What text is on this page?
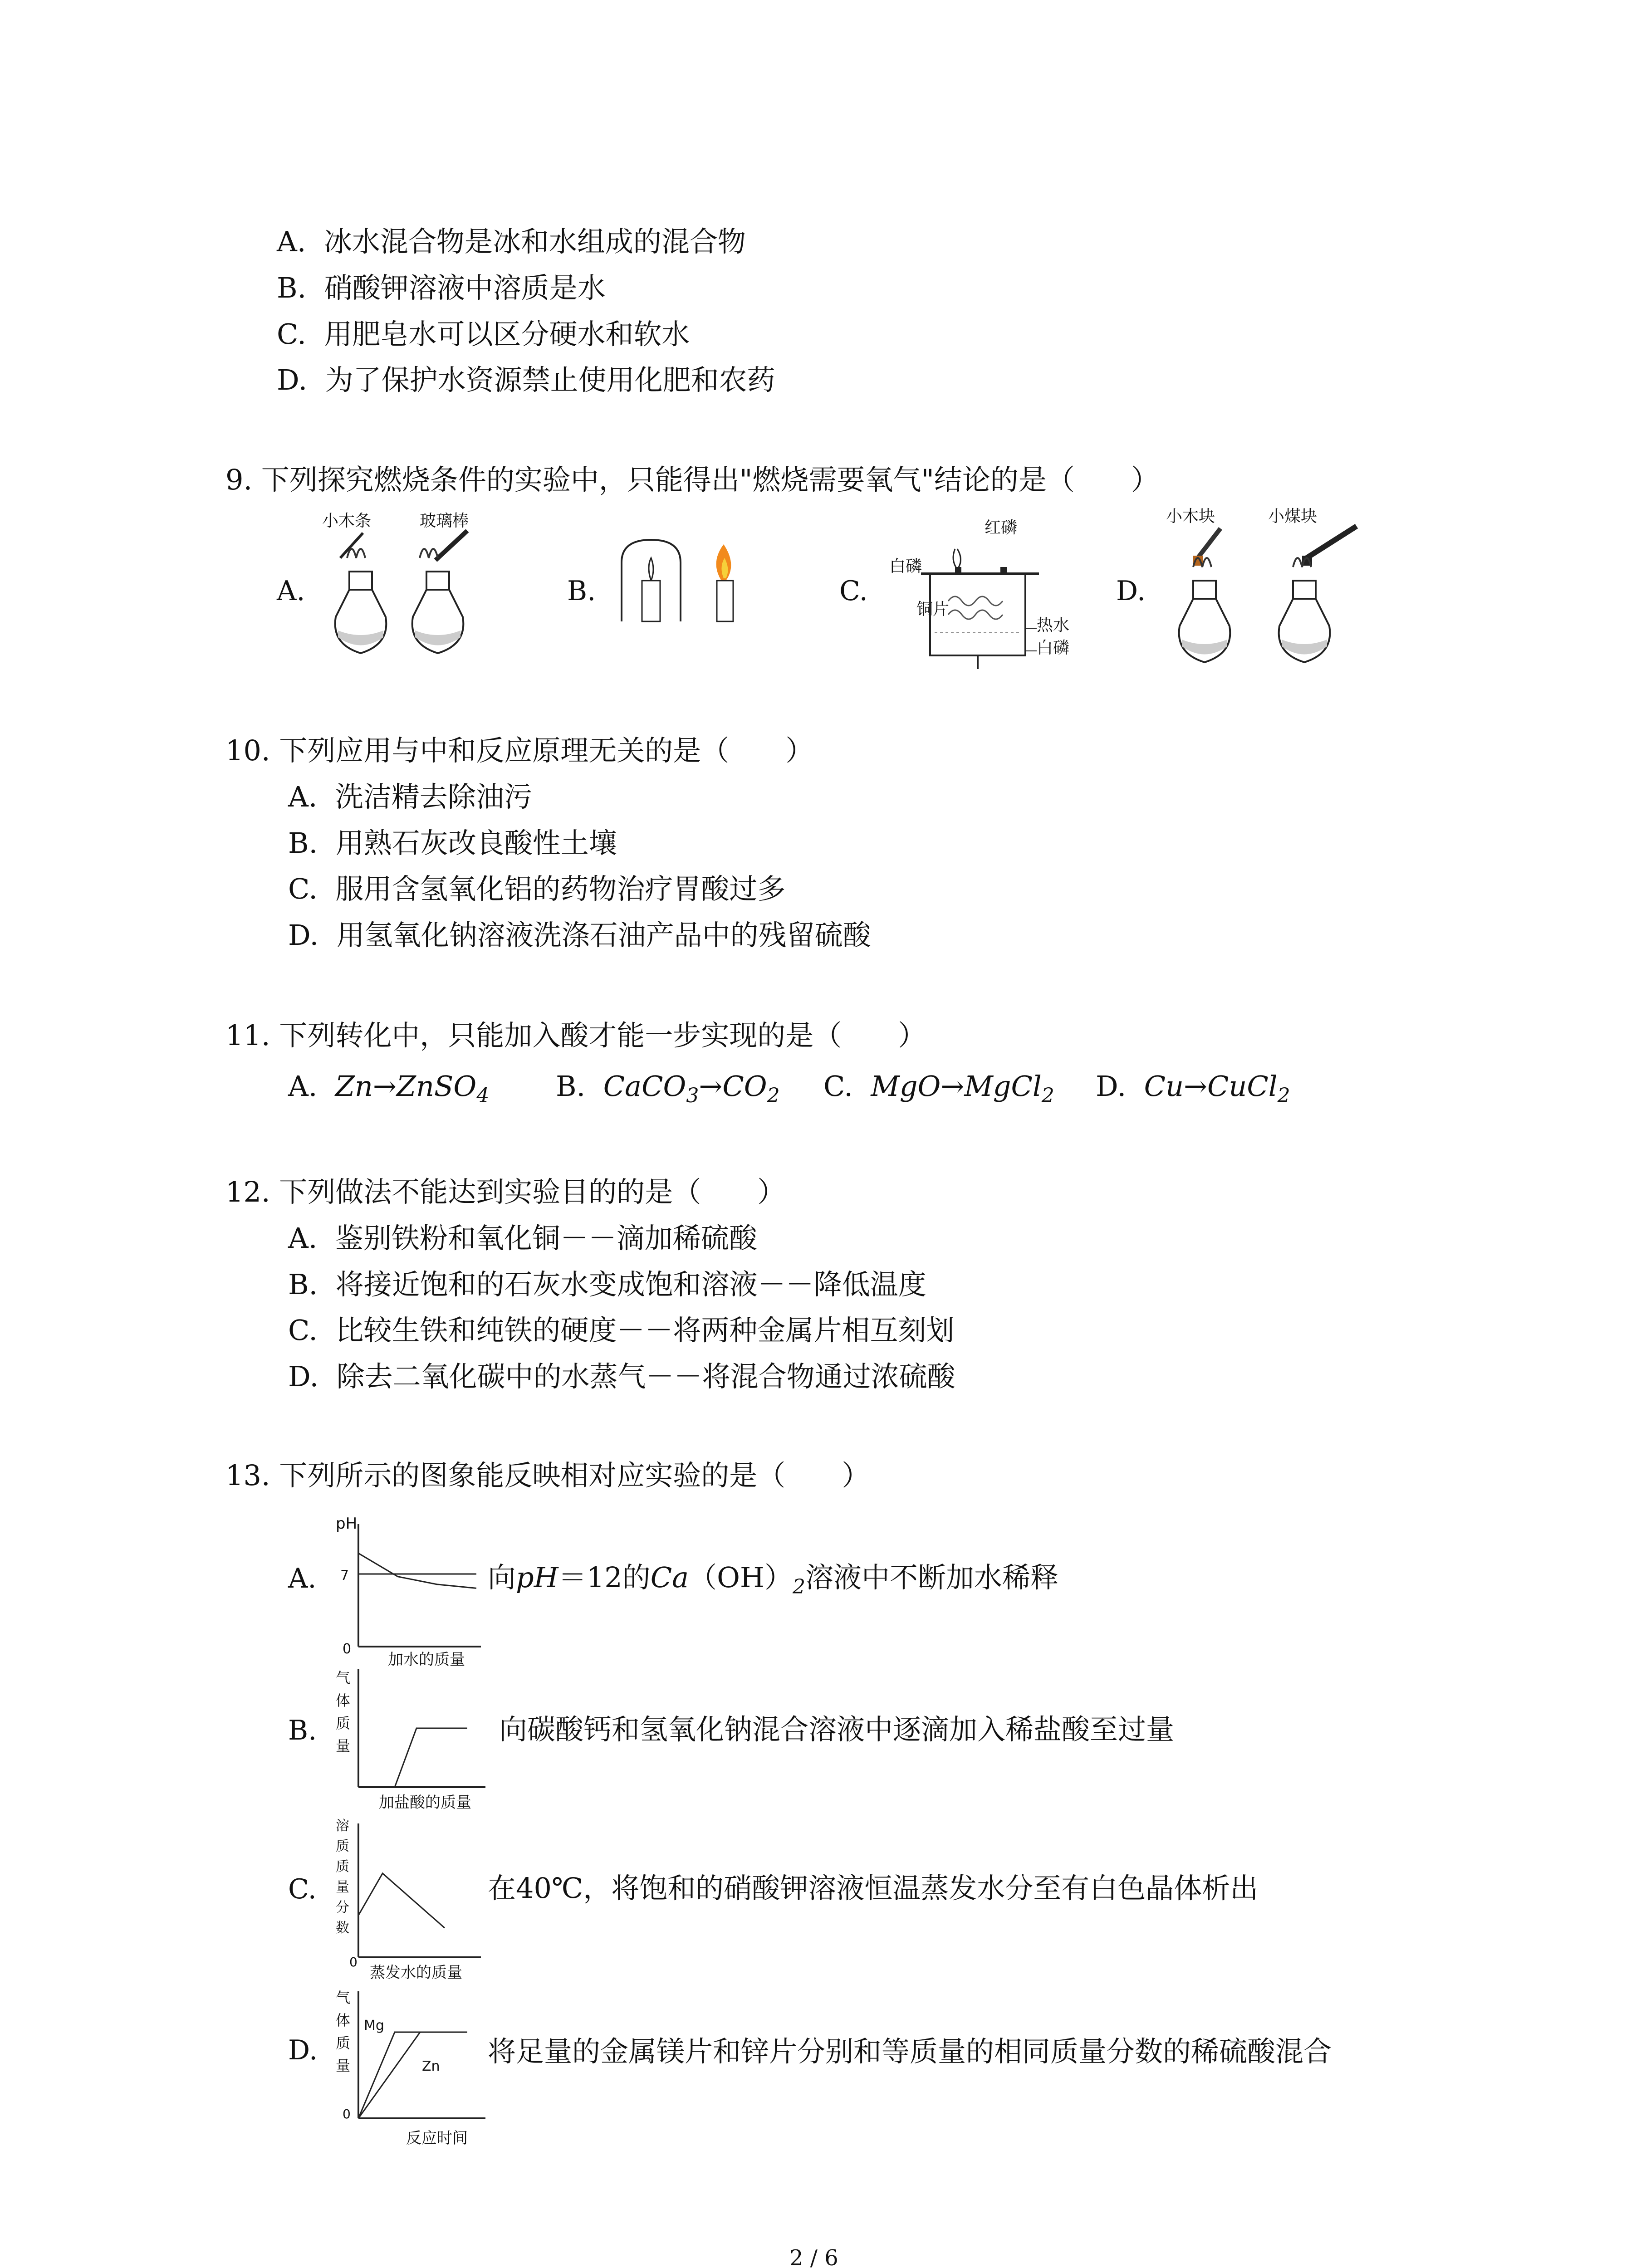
A. 冰水混合物是冰和水组成的混合物
B. 硝酸钾溶液中溶质是水
C. 用肥皂水可以区分硬水和软水
D. 为了保护水资源禁止使用化肥和农药
9. 下列探究燃烧条件的实验中，只能得出"燃烧需要氧气"结论的是（　　）
A.
小木条	玻璃棒
B.	C.
红磷
白磷
铜片
热水
白磷
D.
小木块	小煤块
10. 下列应用与中和反应原理无关的是（　　）
A. 洗洁精去除油污
B. 用熟石灰改良酸性土壤
C. 服用含氢氧化铝的药物治疗胃酸过多
D. 用氢氧化钠溶液洗涤石油产品中的残留硫酸
11. 下列转化中，只能加入酸才能一步实现的是（　　）
A. Zn→ZnSO$_4$ B. $CaCO_3\to CO_2$ C. MgO→MgCl$_2$ D. Cu→CuCl$_2$
12. 下列做法不能达到实验目的的是（　　）
A. 鉴别铁粉和氧化铜－－滴加稀硫酸
B. 将接近饱和的石灰水变成饱和溶液－－降低温度
C. 比较生铁和纯铁的硬度－－将两种金属片相互刻划
D. 除去二氧化碳中的水蒸气－－将混合物通过浓硫酸
13. 下列所示的图象能反映相对应实验的是（　　）
A.
pH
7
0
加水的质量
向pH＝12的$Ca(OH)_2$溶液中不断加水稀释
B.
气
体
质
量
加盐酸的质量
向碳酸钙和氢氧化钠混合溶液中逐滴加入稀盐酸至过量
C.
溶
质
质
量
分
数
0
蒸发水的质量
在40℃，将饱和的硝酸钾溶液恒温蒸发水分至有白色晶体析出
D.
气
体
质
量
0
反应时间
Mg
Zn 将足量的金属镁片和锌片分别和等质量的相同质量分数的稀硫酸混合
2 / 6
